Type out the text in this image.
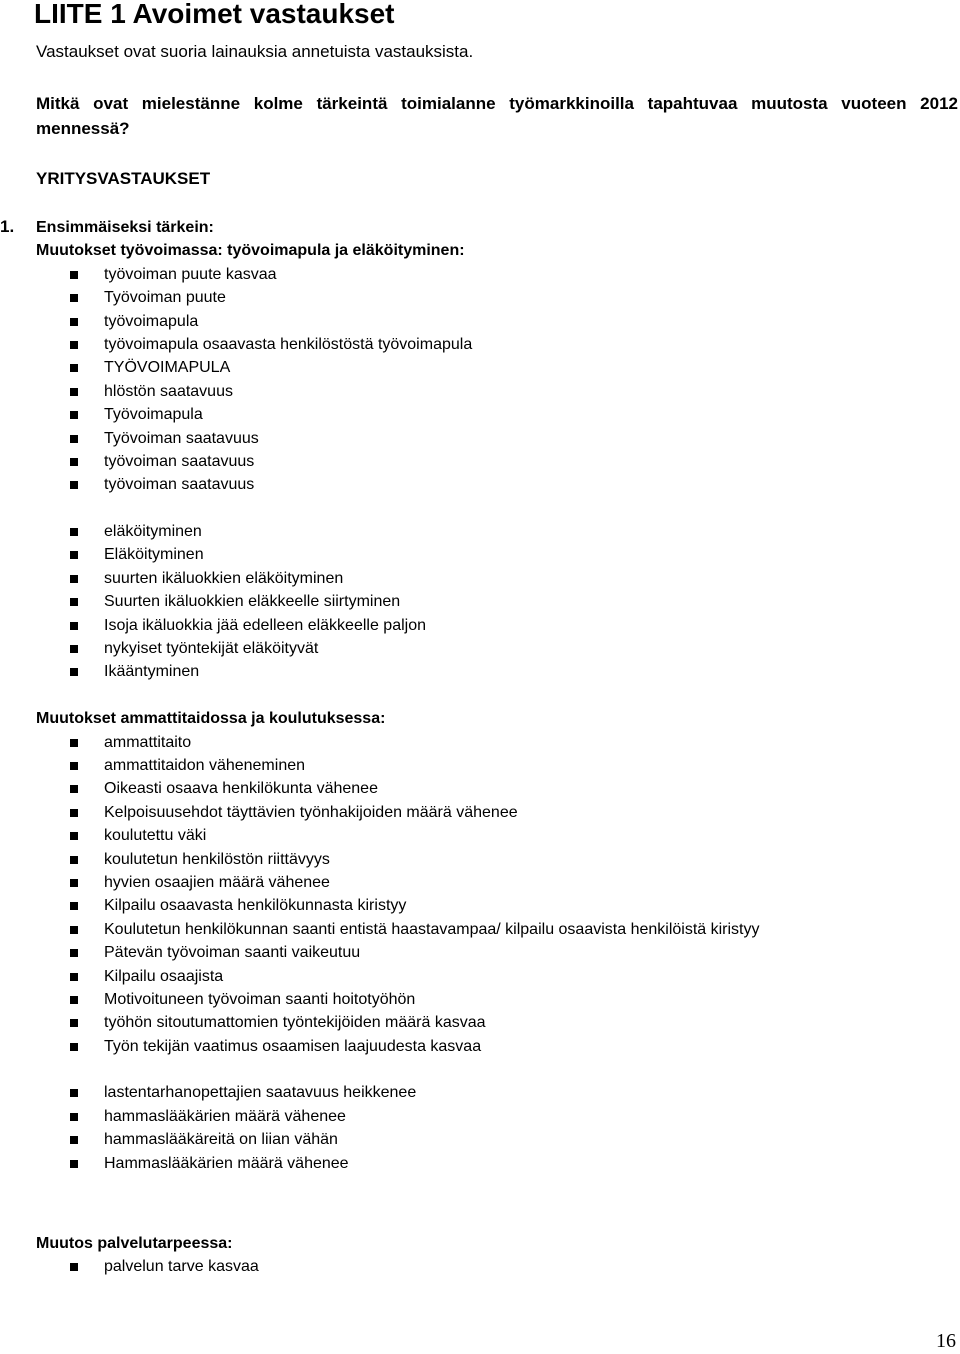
LIITE 1 Avoimet vastaukset
Vastaukset ovat suoria lainauksia annetuista vastauksista.
Mitkä ovat mielestänne kolme tärkeintä toimialanne työmarkkinoilla tapahtuvaa muutosta vuoteen 2012 mennessä?
YRITYSVASTAUKSET
1. Ensimmäiseksi tärkein:
Muutokset työvoimassa: työvoimapula ja eläköityminen:
työvoiman puute kasvaa
Työvoiman puute
työvoimapula
työvoimapula osaavasta henkilöstöstä työvoimapula
TYÖVOIMAPULA
hlöstön saatavuus
Työvoimapula
Työvoiman saatavuus
työvoiman saatavuus
työvoiman saatavuus
eläköityminen
Eläköityminen
suurten ikäluokkien eläköityminen
Suurten ikäluokkien eläkkeelle siirtyminen
Isoja ikäluokkia jää edelleen eläkkeelle paljon
nykyiset työntekijät eläköityvät
Ikääntyminen
Muutokset ammattitaidossa ja koulutuksessa:
ammattitaito
ammattitaidon väheneminen
Oikeasti osaava henkilökunta vähenee
Kelpoisuusehdot täyttävien työnhakijoiden määrä vähenee
koulutettu väki
koulutetun henkilöstön riittävyys
hyvien osaajien määrä vähenee
Kilpailu osaavasta henkilökunnasta kiristyy
Koulutetun henkilökunnan saanti entistä haastavampaa/ kilpailu osaavista henkilöistä kiristyy
Pätevän työvoiman saanti vaikeutuu
Kilpailu osaajista
Motivoituneen työvoiman saanti hoitotyöhön
työhön sitoutumattomien työntekijöiden määrä kasvaa
Työn tekijän vaatimus osaamisen laajuudesta kasvaa
lastentarhanopettajien saatavuus heikkenee
hammaslääkärien määrä vähenee
hammaslääkäreitä on liian vähän
Hammaslääkärien määrä vähenee
Muutos palvelutarpeessa:
palvelun tarve kasvaa
16
